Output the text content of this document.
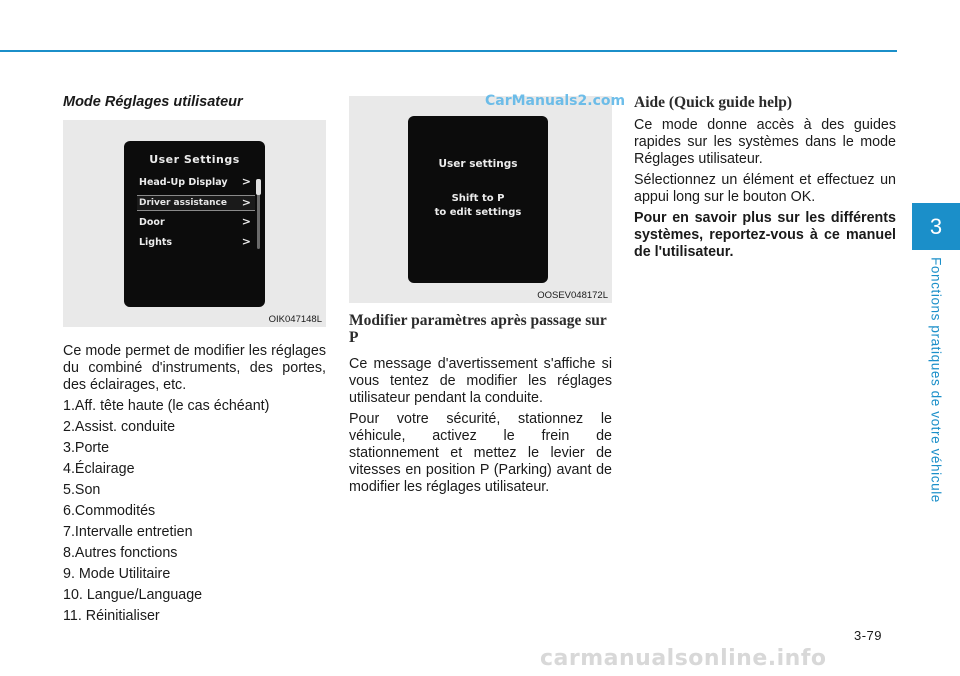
Mode Réglages utilisateur
User Settings
Head-Up Display >
Driver assistance >
Door	>
Lights	>
OIK047148L

Ce mode permet de modifier les réglages du combiné d'instruments, des portes, des éclairages, etc.

1.Aff. tête haute (le cas échéant)
2.Assist. conduite
3.Porte
4.Éclairage
5.Son
6.Commodités
7.Intervalle entretien
8.Autres fonctions
9. Mode Utilitaire
10. Langue/Language
11. Réinitialiser
User settings
Shift to P
to edit settings
OOSEV048172L
Modifier paramètres après passage sur P

Ce message d'avertissement s'affiche si vous tentez de modifier les réglages utilisateur pendant la conduite.

Pour votre sécurité, stationnez le véhicule, activez le frein de stationnement et mettez le levier de vitesses en position P (Parking) avant de modifier les réglages utilisateur.

CarManuals2.com Aide (Quick guide help)

Ce mode donne accès à des guides rapides sur les systèmes dans le mode Réglages utilisateur.

Sélectionnez un élément et effectuez un appui long sur le bouton OK.

Pour en savoir plus sur les différents systèmes, reportez-vous à ce manuel de l'utilisateur.

3
Fonctions pratiques de votre véhicule
3-79
carmanualsonline.info
